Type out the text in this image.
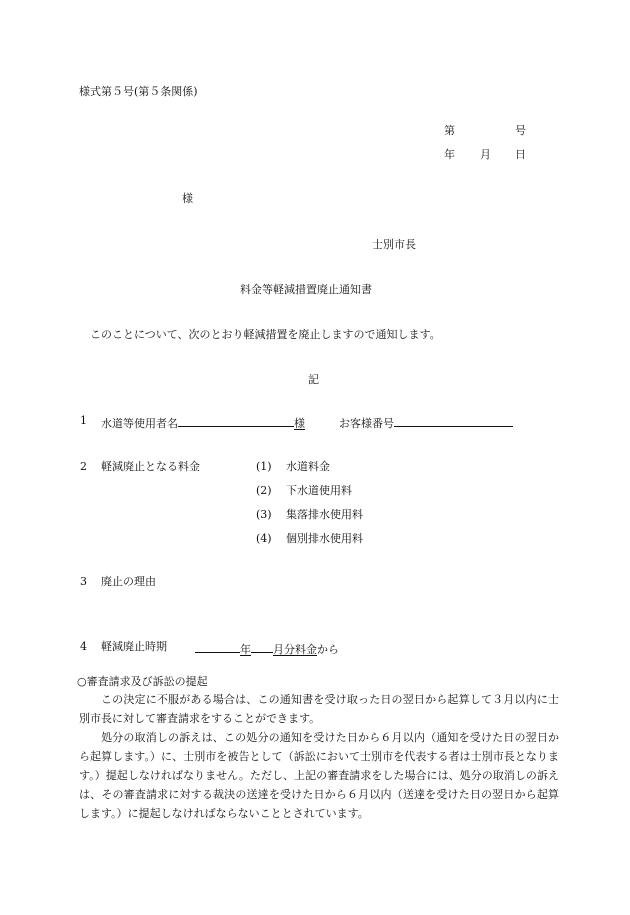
様式第５号(第５条関係)
第	号
年 月 日
様
士別市長
料金等軽減措置廃止通知書
このことについて、次のとおり軽減措置を廃止しますので通知します。
記
1 水道等使用者名	様	お客様番号
2 軽減廃止となる料金	(1) 水道料金
(2) 下水道使用料
(3) 集落排水使用料
(4) 個別排水使用料
3 廃止の理由
4 軽減廃止時期	年 月分料金から
○審査請求及び訴訟の提起
この決定に不服がある場合は、この通知書を受け取った日の翌日から起算して３月以内に士別市長に対して審査請求をすることができます。
処分の取消しの訴えは、この処分の通知を受けた日から６月以内（通知を受けた日の翌日から起算します。）に、士別市を被告として（訴訟において士別市を代表する者は士別市長となります。）提起しなければなりません。ただし、上記の審査請求をした場合には、処分の取消しの訴えは、その審査請求に対する裁決の送達を受けた日から６月以内（送達を受けた日の翌日から起算します。）に提起しなければならないこととされています。
